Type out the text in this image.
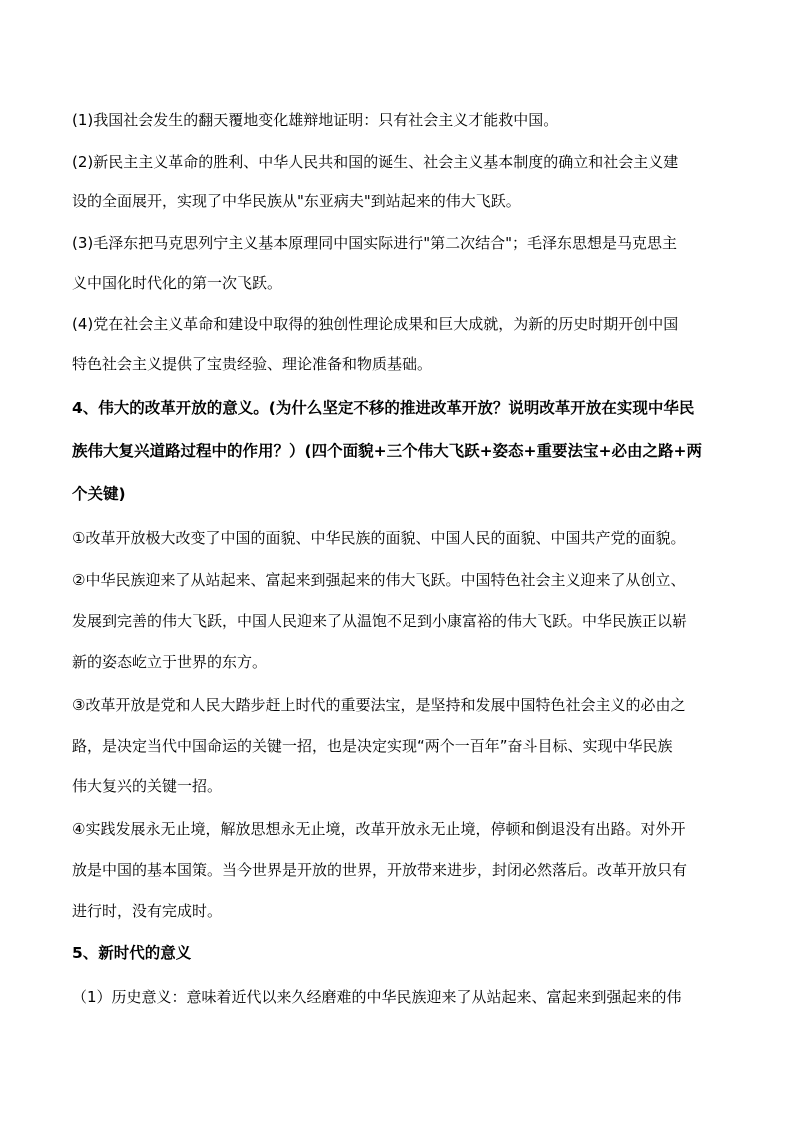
(1)我国社会发生的翻天覆地变化雄辩地证明：只有社会主义才能救中国。
(2)新民主主义革命的胜利、中华人民共和国的诞生、社会主义基本制度的确立和社会主义建
设的全面展开，实现了中华民族从"东亚病夫"到站起来的伟大飞跃。
(3)毛泽东把马克思列宁主义基本原理同中国实际进行"第二次结合"；毛泽东思想是马克思主
义中国化时代化的第一次飞跃。
(4)党在社会主义革命和建设中取得的独创性理论成果和巨大成就，为新的历史时期开创中国
特色社会主义提供了宝贵经验、理论准备和物质基础。
4、伟大的改革开放的意义。(为什么坚定不移的推进改革开放？说明改革开放在实现中华民
族伟大复兴道路过程中的作用？）(四个面貌+三个伟大飞跃+姿态+重要法宝+必由之路+两
个关键)
①改革开放极大改变了中国的面貌、中华民族的面貌、中国人民的面貌、中国共产党的面貌。
②中华民族迎来了从站起来、富起来到强起来的伟大飞跃。中国特色社会主义迎来了从创立、
发展到完善的伟大飞跃，中国人民迎来了从温饱不足到小康富裕的伟大飞跃。中华民族正以崭
新的姿态屹立于世界的东方。
③改革开放是党和人民大踏步赶上时代的重要法宝，是坚持和发展中国特色社会主义的必由之
路，是决定当代中国命运的关键一招，也是决定实现“两个一百年”奋斗目标、实现中华民族
伟大复兴的关键一招。
④实践发展永无止境，解放思想永无止境，改革开放永无止境，停顿和倒退没有出路。对外开
放是中国的基本国策。当今世界是开放的世界，开放带来进步，封闭必然落后。改革开放只有
进行时，没有完成时。
5、新时代的意义
（1）历史意义：意味着近代以来久经磨难的中华民族迎来了从站起来、富起来到强起来的伟
